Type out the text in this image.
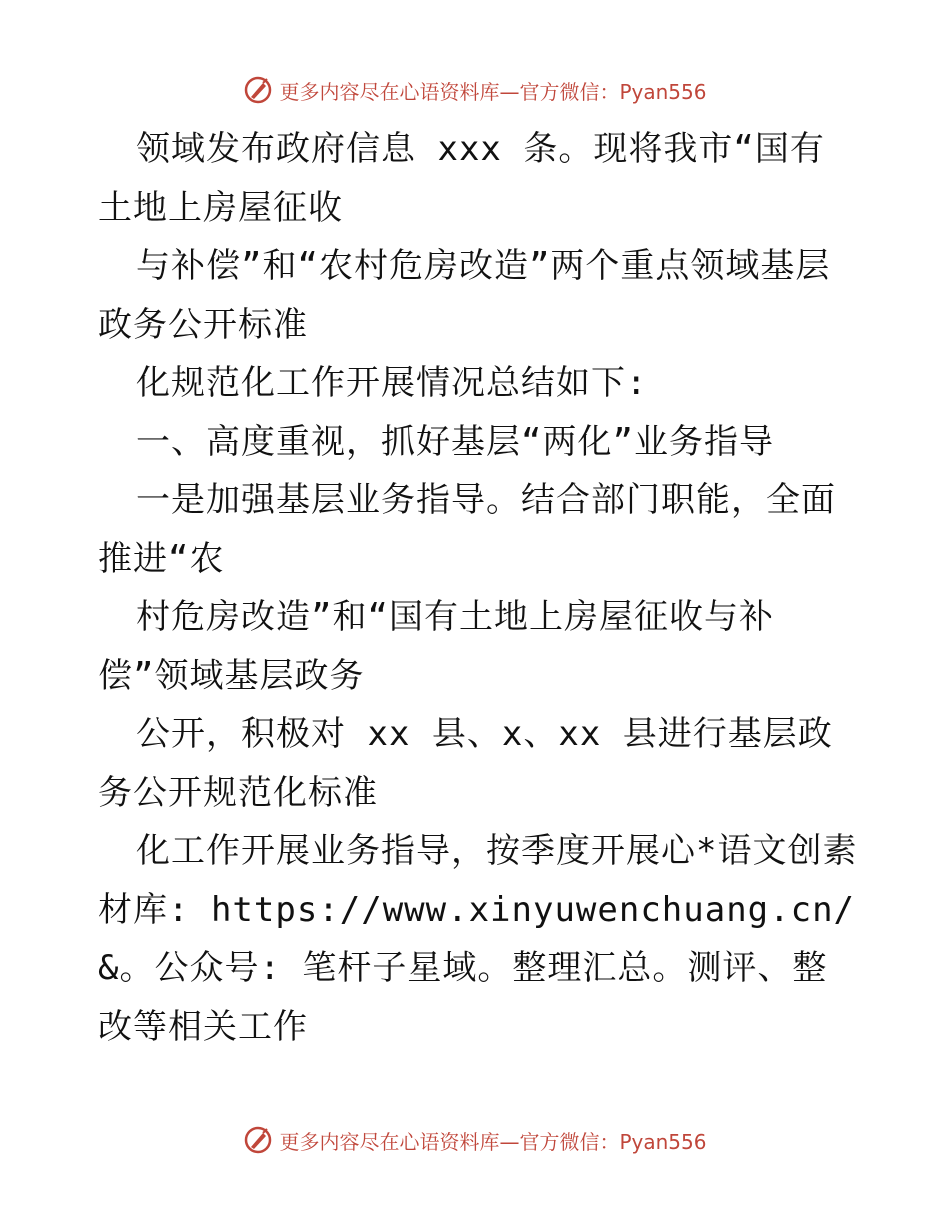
更多内容尽在心语资料库—官方微信：Pyan556

领域发布政府信息 xxx 条。现将我市“国有土地上房屋征收

与补偿”和“农村危房改造”两个重点领域基层政务公开标准

化规范化工作开展情况总结如下:

一、高度重视，抓好基层“两化”业务指导

一是加强基层业务指导。结合部门职能，全面推进“农

村危房改造”和“国有土地上房屋征收与补偿”领域基层政务

公开，积极对 xx 县、x、xx 县进行基层政务公开规范化标准

化工作开展业务指导，按季度开展心*语文创素材库: https://www.xinyuwenchuang.cn/&。公众号: 笔杆子星域。整理汇总。测评、整改等相关工作

更多内容尽在心语资料库—官方微信：Pyan556
